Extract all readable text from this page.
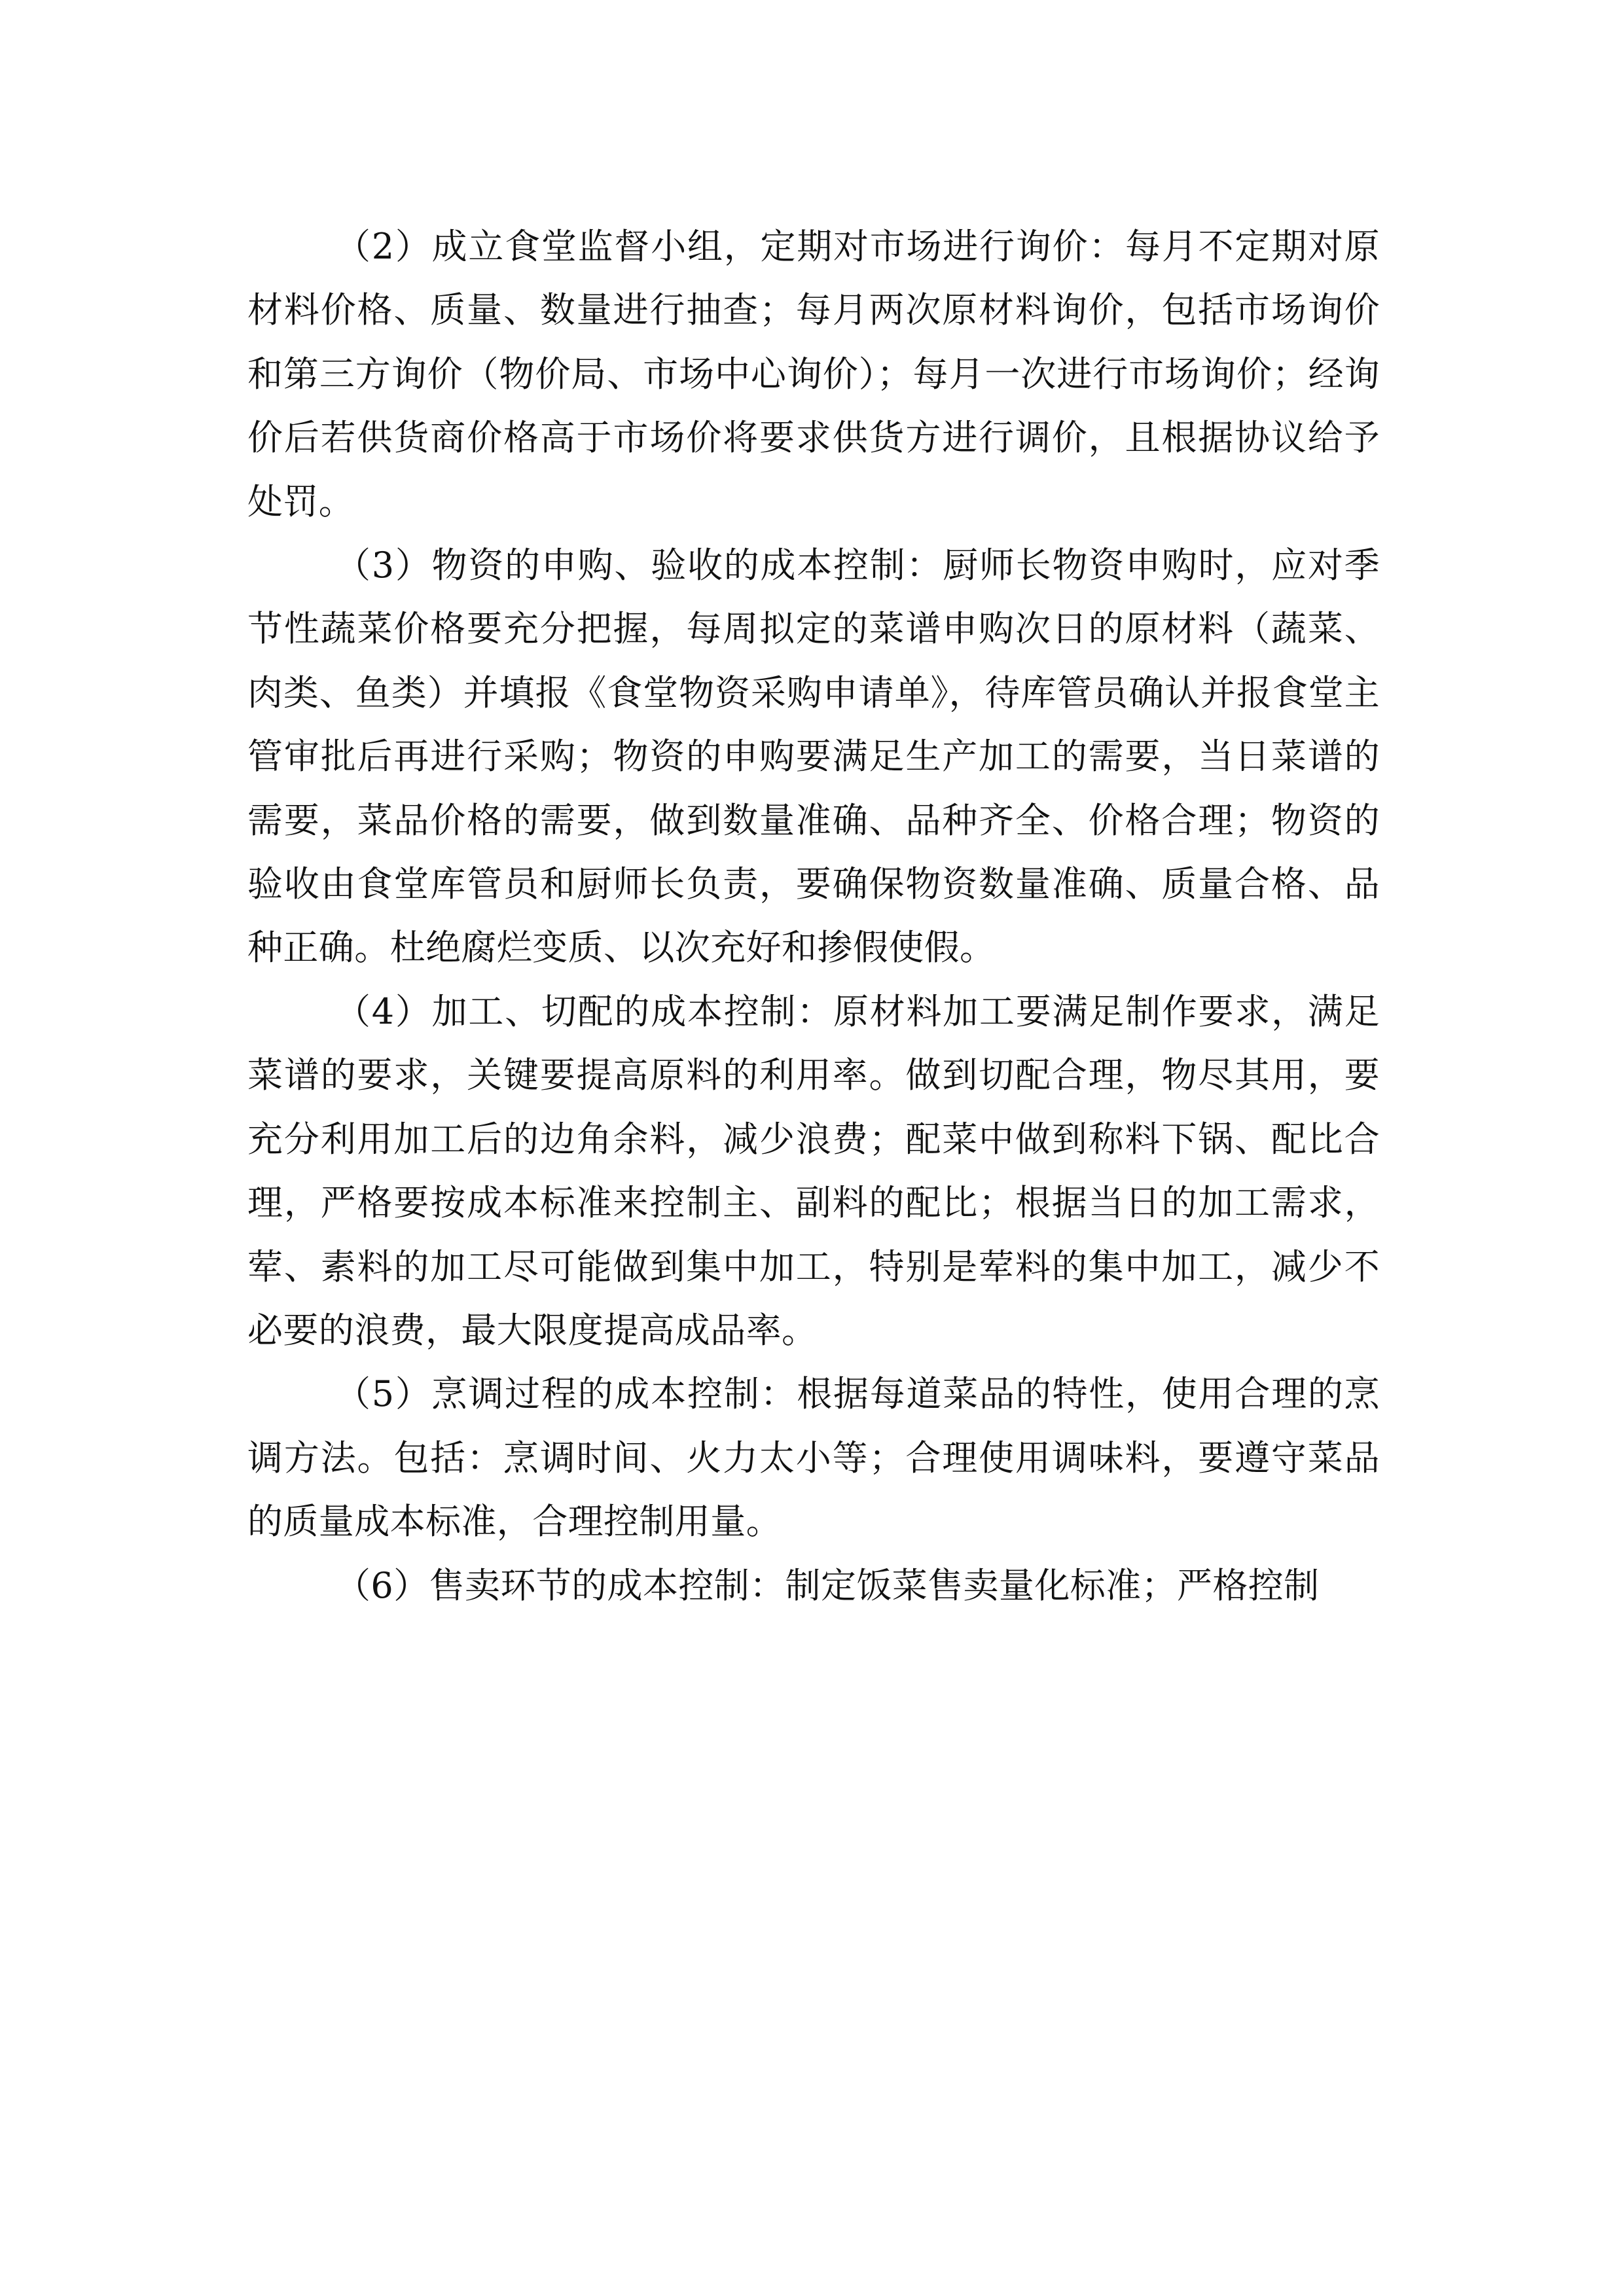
（2）成立食堂监督小组，定期对市场进行询价：每月不定期对原材料价格、质量、数量进行抽查；每月两次原材料询价，包括市场询价和第三方询价（物价局、市场中心询价）；每月一次进行市场询价；经询价后若供货商价格高于市场价将要求供货方进行调价，且根据协议给予处罚。

（3）物资的申购、验收的成本控制：厨师长物资申购时，应对季节性蔬菜价格要充分把握，每周拟定的菜谱申购次日的原材料（蔬菜、肉类、鱼类）并填报《食堂物资采购申请单》，待库管员确认并报食堂主管审批后再进行采购；物资的申购要满足生产加工的需要，当日菜谱的需要，菜品价格的需要，做到数量准确、品种齐全、价格合理；物资的验收由食堂库管员和厨师长负责，要确保物资数量准确、质量合格、品种正确。杜绝腐烂变质、以次充好和掺假使假。

（4）加工、切配的成本控制：原材料加工要满足制作要求，满足菜谱的要求，关键要提高原料的利用率。做到切配合理，物尽其用，要充分利用加工后的边角余料，减少浪费；配菜中做到称料下锅、配比合理，严格要按成本标准来控制主、副料的配比；根据当日的加工需求，荤、素料的加工尽可能做到集中加工，特别是荤料的集中加工，减少不必要的浪费，最大限度提高成品率。

（5）烹调过程的成本控制：根据每道菜品的特性，使用合理的烹调方法。包括：烹调时间、火力太小等；合理使用调味料，要遵守菜品的质量成本标准，合理控制用量。

（6）售卖环节的成本控制：制定饭菜售卖量化标准；严格控制
